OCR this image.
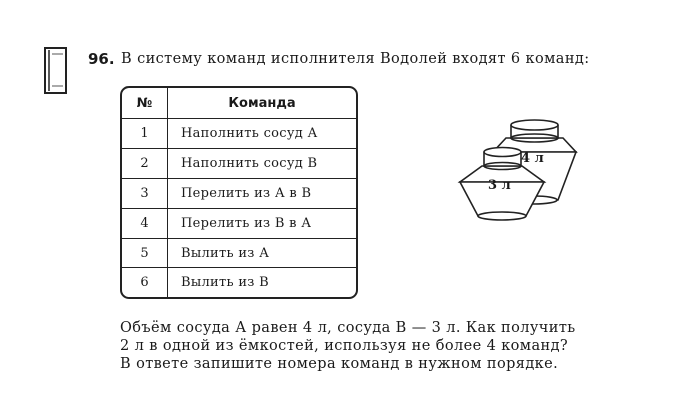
96. В систему команд исполнителя Водолей входят 6 команд:
№	Команда
1	Наполнить сосуд А
2	Наполнить сосуд В
3	Перелить из А в В
4	Перелить из В в А
5	Вылить из А
6	Вылить из В
4 л
3 л
Объём сосуда А равен 4 л, сосуда В — 3 л. Как получить
2 л в одной из ёмкостей, используя не более 4 команд?
В ответе запишите номера команд в нужном порядке.
